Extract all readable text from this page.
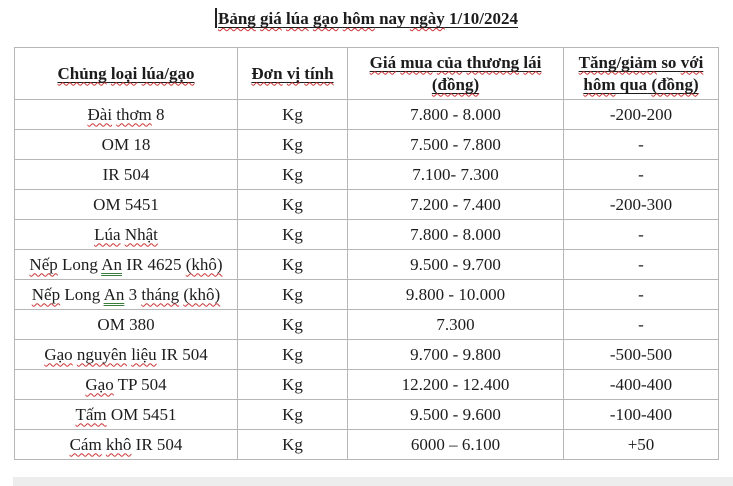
Bảng giá lúa gạo hôm nay ngày 1/10/2024
Chủng loại lúa/gạo	Đơn vị tính	Giá mua của thương lái (đồng)	Tăng/giảm so với hôm qua (đồng)
Đài thơm 8	Kg	7.800 - 8.000	-200-200
OM 18	Kg	7.500 - 7.800	-
IR 504	Kg	7.100- 7.300	-
OM 5451	Kg	7.200 - 7.400	-200-300
Lúa Nhật	Kg	7.800 - 8.000	-
Nếp Long An IR 4625 (khô)	Kg	9.500 - 9.700	-
Nếp Long An 3 tháng (khô)	Kg	9.800 - 10.000	-
OM 380	Kg	7.300	-
Gạo nguyên liệu IR 504	Kg	9.700 - 9.800	-500-500
Gạo TP 504	Kg	12.200 - 12.400	-400-400
Tấm OM 5451	Kg	9.500 - 9.600	-100-400
Cám khô IR 504	Kg	6000 – 6.100	+50
